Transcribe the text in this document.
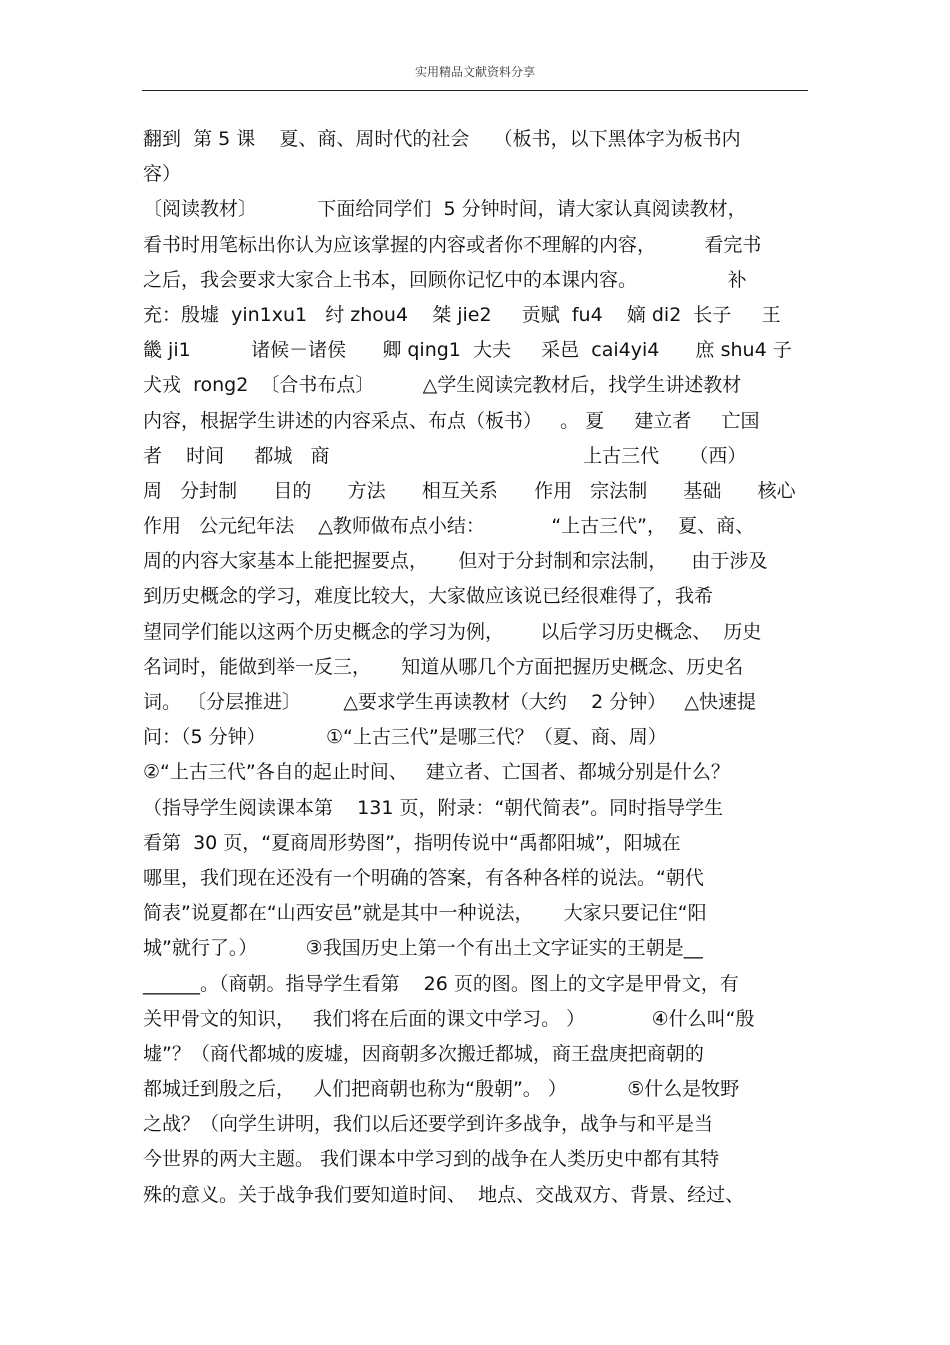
实用精品文献资料分享
翻到  第 5 课    夏、商、周时代的社会    （板书，以下黑体字为板书内
容）
〔阅读教材〕          下面给同学们  5 分钟时间，请大家认真阅读教材，
看书时用笔标出你认为应该掌握的内容或者你不理解的内容，        看完书
之后，我会要求大家合上书本，回顾你记忆中的本课内容。               补
充：殷墟  yin1xu1   纣 zhou4    桀 jie2     贡赋  fu4    嫡 di2  长子     王
畿 ji1          诸候－诸侯      卿 qing1  大夫     采邑  cai4yi4      庶 shu4 子
犬戎  rong2  〔合书布点〕        △学生阅读完教材后，找学生讲述教材
内容，根据学生讲述的内容采点、布点（板书）   。 夏     建立者     亡国
者    时间     都城   商                                          上古三代     （西）
周   分封制      目的      方法      相互关系      作用   宗法制      基础      核心
作用   公元纪年法    △教师做布点小结：           “上古三代”，  夏、商、
周的内容大家基本上能把握要点，     但对于分封制和宗法制，    由于涉及
到历史概念的学习，难度比较大，大家做应该说已经很难得了，我希
望同学们能以这两个历史概念的学习为例，      以后学习历史概念、  历史
名词时，能做到举一反三，     知道从哪几个方面把握历史概念、历史名
词。 〔分层推进〕       △要求学生再读教材（大约    2 分钟）   △快速提
问：（5 分钟）          ①“上古三代”是哪三代？（夏、商、周）
②“上古三代”各自的起止时间、   建立者、亡国者、都城分别是什么？
（指导学生阅读课本第    131 页，附录：“朝代简表”。同时指导学生
看第  30 页，“夏商周形势图”，指明传说中“禹都阳城”，阳城在
哪里，我们现在还没有一个明确的答案，有各种各样的说法。“朝代
简表”说夏都在“山西安邑”就是其中一种说法，     大家只要记住“阳
城”就行了。）        ③我国历史上第一个有出土文字证实的王朝是__
______。（商朝。指导学生看第    26 页的图。图上的文字是甲骨文，有
关甲骨文的知识，   我们将在后面的课文中学习。 ）           ④什么叫“殷
墟”？（商代都城的废墟，因商朝多次搬迁都城，商王盘庚把商朝的
都城迁到殷之后，   人们把商朝也称为“殷朝”。 ）          ⑤什么是牧野
之战？（向学生讲明，我们以后还要学到许多战争，战争与和平是当
今世界的两大主题。 我们课本中学习到的战争在人类历史中都有其特
殊的意义。关于战争我们要知道时间、  地点、交战双方、背景、经过、
